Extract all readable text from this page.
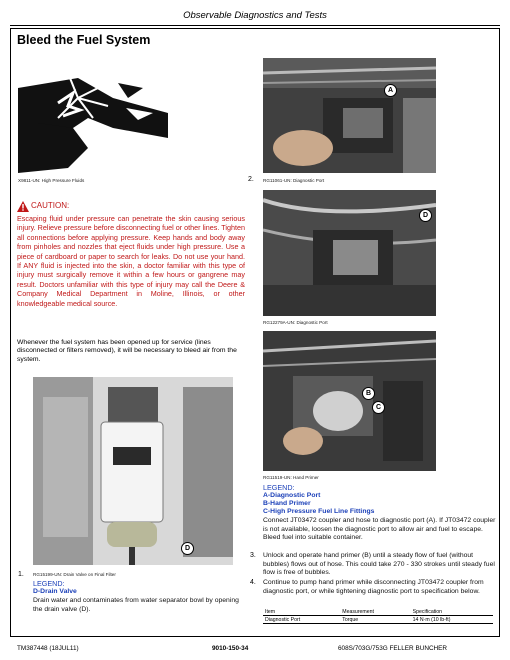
Observable Diagnostics and Tests
Bleed the Fuel System
X9811-UN: High Pressure Fluids
CAUTION:
Escaping fluid under pressure can penetrate the skin causing serious injury. Relieve pressure before disconnecting fuel or other lines. Tighten all connections before applying pressure. Keep hands and body away from pinholes and nozzles that eject fluids under high pressure. Use a piece of cardboard or paper to search for leaks. Do not use your hand. If ANY fluid is injected into the skin, a doctor familiar with this type of injury must surgically remove it within a few hours or gangrene may result. Doctors unfamiliar with this type of injury may call the Deere & Company Medical Department in Moline, Illinois, or other knowledgeable medical source.
Whenever the fuel system has been opened up for service (lines disconnected or filters removed), it will be necessary to bleed air from the system.
D
1. RG15199-UN: Drain Valve on Final Filter
LEGEND:
D-Drain Valve
Drain water and contaminates from water separator bowl by opening the drain valve (D).
A
2. RG11061-UN: Diagnostic Port
D
RG12279A-UN: Diagnostic Port
B
C
RG11519-UN: Hand Primer
LEGEND:
A-Diagnostic Port
B-Hand Primer
C-High Pressure Fuel Line Fittings
Connect JT03472 coupler and hose to diagnostic port (A). If JT03472 coupler is not available, loosen the diagnostic port to allow air and fuel to escape. Bleed fuel into suitable container.
3. Unlock and operate hand primer (B) until a steady flow of fuel (without bubbles) flows out of hose. This could take 270 - 330 strokes until steady fuel flow is free of bubbles.
4. Continue to pump hand primer while disconnecting JT03472 coupler from diagnostic port, or while tightening diagnostic port to specification below.
Item	Measurement	Specification
Diagnostic Port	Torque	14 N·m (10 lb-ft)
TM387448 (18JUL11)	9010-150-34	608S/703G/753G FELLER BUNCHER
